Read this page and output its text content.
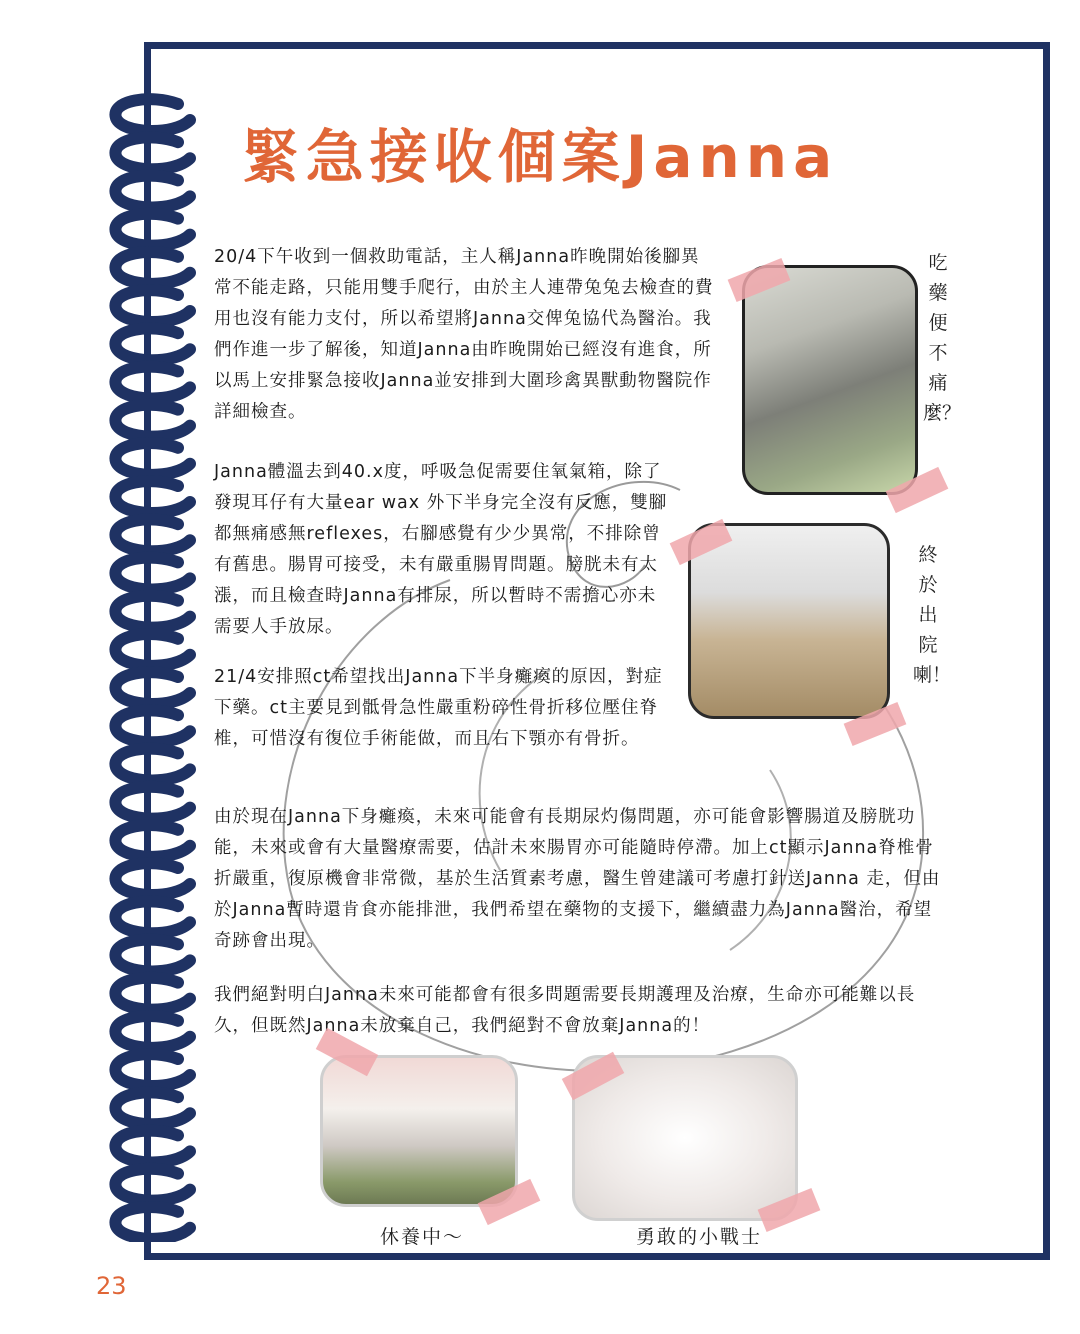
緊急接收個案Janna
20/4下午收到一個救助電話，主人稱Janna昨晚開始後腳異常不能走路，只能用雙手爬行，由於主人連帶兔兔去檢查的費用也沒有能力支付，所以希望將Janna交俾兔協代為醫治。我們作進一步了解後，知道Janna由昨晚開始已經沒有進食，所以馬上安排緊急接收Janna並安排到大圍珍禽異獸動物醫院作詳細檢查。
Janna體溫去到40.x度，呼吸急促需要住氧氣箱，除了發現耳仔有大量ear wax 外下半身完全沒有反應，雙腳都無痛感無reflexes，右腳感覺有少少異常，不排除曾有舊患。腸胃可接受，未有嚴重腸胃問題。膀胱未有太漲，而且檢查時Janna有排尿，所以暫時不需擔心亦未需要人手放尿。
21/4安排照ct希望找出Janna下半身癱瘓的原因，對症下藥。ct主要見到骶骨急性嚴重粉碎性骨折移位壓住脊椎，可惜沒有復位手術能做，而且右下顎亦有骨折。
由於現在Janna下身癱瘓，未來可能會有長期尿灼傷問題，亦可能會影響腸道及膀胱功能，未來或會有大量醫療需要，估計未來腸胃亦可能隨時停滯。加上ct顯示Janna脊椎骨折嚴重，復原機會非常微，基於生活質素考慮，醫生曾建議可考慮打針送Janna 走，但由於Janna暫時還肯食亦能排泄，我們希望在藥物的支援下，繼續盡力為Janna醫治，希望奇跡會出現。
我們絕對明白Janna未來可能都會有很多問題需要長期護理及治療，生命亦可能難以長久，但既然Janna未放棄自己，我們絕對不會放棄Janna的！
吃藥便不痛麼？
終於出院喇！
休養中～	勇敢的小戰士
23
